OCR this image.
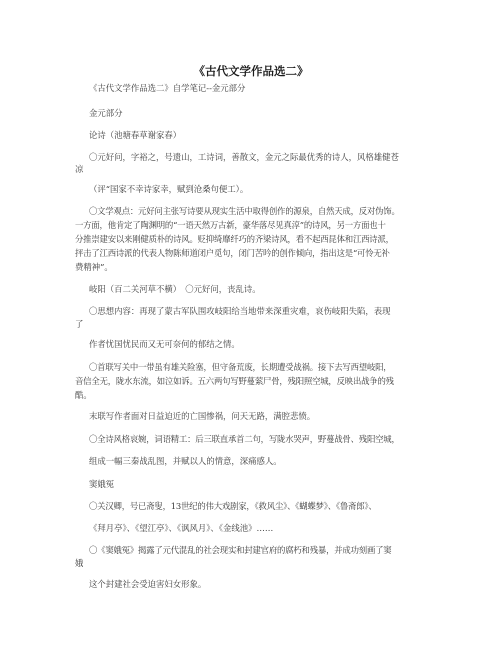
《古代文学作品选二》
《古代文学作品选二》自学笔记--金元部分
金元部分
论诗（池塘春草谢家春）
〇元好问，字裕之，号遗山，工诗词，善散文，金元之际最优秀的诗人，风格雄健苍
凉
（评“国家不幸诗家幸，赋到沧桑句便工）。
〇文学观点：元好问主张写诗要从现实生活中取得创作的源泉，自然天成，反对伪饰。
一方面，他肯定了陶渊明的“一语天然万古新，豪华落尽见真淳”的诗风，另一方面也十
分推崇建安以来刚健质朴的诗风。贬抑绮靡纤巧的齐梁诗风，看不起西昆体和江西诗派，
抨击了江西诗派的代表人物陈师道闭户觅句，闭门苦吟的创作倾向，指出这是“可怜无补
费精神”。
岐阳（百二关河草不横）　〇元好问，丧乱诗。
〇思想内容：再现了蒙古军队围攻岐阳给当地带来深重灾难，哀伤岐阳失陷，表现
了
作者忧国忧民而又无可奈何的郁结之情。
〇首联写关中一带虽有雄关险塞，但守备荒废，长期遭受战祸。接下去写西望岐阳，
音信全无，陇水东流，如泣如诉。五六两句写野蔓萦尸骨，残阳照空城，反映出战争的残
酷。
末联写作者面对日益迫近的亡国惨祸，问天无路，满腔悲愤。
〇全诗风格哀婉，词语精工：后三联直承首二句，写陇水哭声，野蔓战骨、残阳空城，
组成一幅三秦战乱图，并赋以人的情意，深痛感人。
窦娥冤
〇关汉卿，号已斋叟，13世纪的伟大戏剧家，《救风尘》、《蝴蝶梦》、《鲁斋郎》、
《拜月亭》、《望江亭》、《讽风月》、《金线池》……
〇《窦娥冤》揭露了元代混乱的社会现实和封建官府的腐朽和残暴，并成功刻画了窦
娥
这个封建社会受迫害妇女形象。
